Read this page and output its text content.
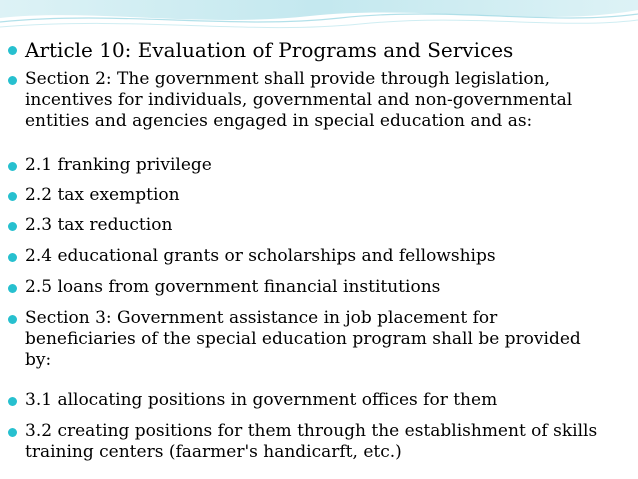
Article 10: Evaluation of Programs and Services
Section 2: The government shall provide through legislation,
incentives for individuals, governmental and non-governmental
entities and agencies engaged in special education and as:
2.1 franking privilege
2.2 tax exemption
2.3 tax reduction
2.4 educational grants or scholarships and fellowships
2.5 loans from government financial institutions
Section 3: Government assistance in job placement for
beneficiaries of the special education program shall be provided
by:
3.1 allocating positions in government offices for them
3.2 creating positions for them through the establishment of skills
training centers (faarmer's handicarft, etc.)
